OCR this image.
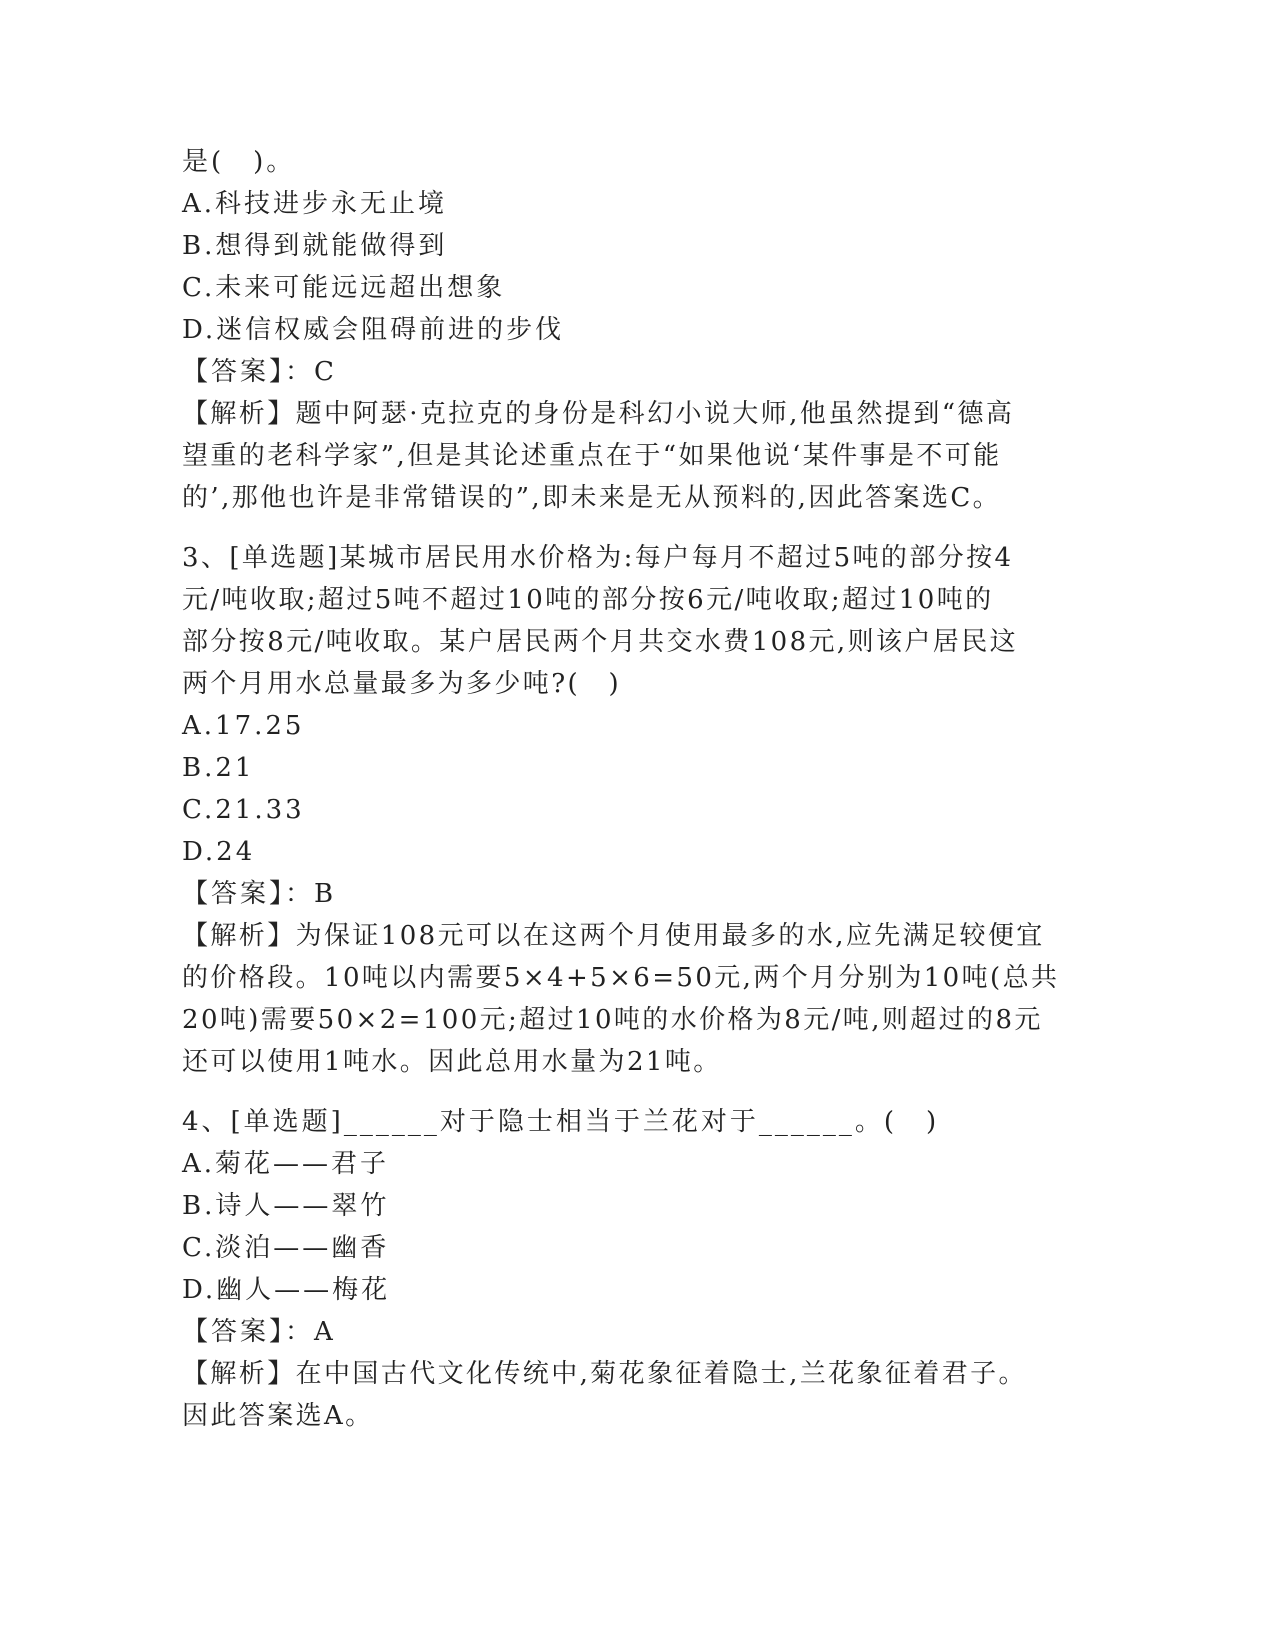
是(　)。
A.科技进步永无止境
B.想得到就能做得到
C.未来可能远远超出想象
D.迷信权威会阻碍前进的步伐
【答案】：C
【解析】题中阿瑟·克拉克的身份是科幻小说大师,他虽然提到“德高
望重的老科学家”,但是其论述重点在于“如果他说‘某件事是不可能
的’,那他也许是非常错误的”,即未来是无从预料的,因此答案选C。
3、[单选题]某城市居民用水价格为:每户每月不超过5吨的部分按4
元/吨收取;超过5吨不超过10吨的部分按6元/吨收取;超过10吨的
部分按8元/吨收取。某户居民两个月共交水费108元,则该户居民这
两个月用水总量最多为多少吨?(　)
A.17.25
B.21
C.21.33
D.24
【答案】：B
【解析】为保证108元可以在这两个月使用最多的水,应先满足较便宜
的价格段。10吨以内需要5×4+5×6=50元,两个月分别为10吨(总共
20吨)需要50×2=100元;超过10吨的水价格为8元/吨,则超过的8元
还可以使用1吨水。因此总用水量为21吨。
4、[单选题]______对于隐士相当于兰花对于______。(　)
A.菊花——君子
B.诗人——翠竹
C.淡泊——幽香
D.幽人——梅花
【答案】：A
【解析】在中国古代文化传统中,菊花象征着隐士,兰花象征着君子。
因此答案选A。
